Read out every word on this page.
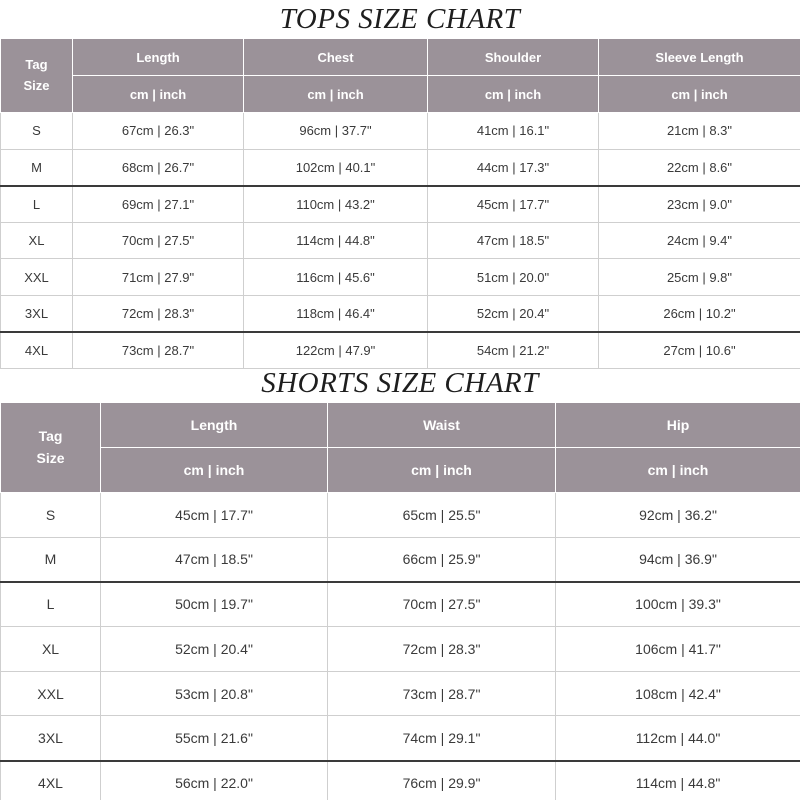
TOPS SIZE CHART
Tag
Size	Length	Chest	Shoulder	Sleeve Length
	cm | inch	cm | inch	cm | inch	cm | inch
S	67cm | 26.3"	96cm | 37.7"	41cm | 16.1"	21cm | 8.3"
M	68cm | 26.7"	102cm | 40.1"	44cm | 17.3"	22cm | 8.6"
L	69cm | 27.1"	110cm | 43.2"	45cm | 17.7"	23cm | 9.0"
XL	70cm | 27.5"	114cm | 44.8"	47cm | 18.5"	24cm | 9.4"
XXL	71cm | 27.9"	116cm | 45.6"	51cm | 20.0"	25cm | 9.8"
3XL	72cm | 28.3"	118cm | 46.4"	52cm | 20.4"	26cm | 10.2"
4XL	73cm | 28.7"	122cm | 47.9"	54cm | 21.2"	27cm | 10.6"
SHORTS SIZE CHART
Tag
Size	Length	Waist	Hip
	cm | inch	cm | inch	cm | inch
S	45cm | 17.7"	65cm | 25.5"	92cm | 36.2"
M	47cm | 18.5"	66cm | 25.9"	94cm | 36.9"
L	50cm | 19.7"	70cm | 27.5"	100cm | 39.3"
XL	52cm | 20.4"	72cm | 28.3"	106cm | 41.7"
XXL	53cm | 20.8"	73cm | 28.7"	108cm | 42.4"
3XL	55cm | 21.6"	74cm | 29.1"	112cm | 44.0"
4XL	56cm | 22.0"	76cm | 29.9"	114cm | 44.8"
